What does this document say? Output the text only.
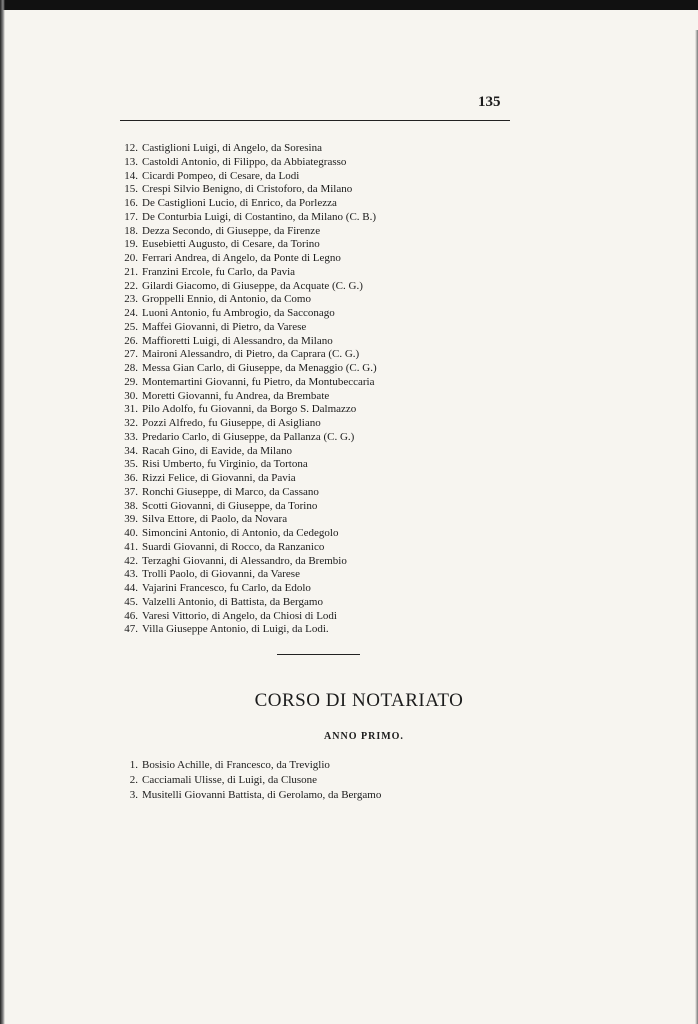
135
12. Castiglioni Luigi, di Angelo, da Soresina
13. Castoldi Antonio, di Filippo, da Abbiategrasso
14. Cicardi Pompeo, di Cesare, da Lodi
15. Crespi Silvio Benigno, di Cristoforo, da Milano
16. De Castiglioni Lucio, di Enrico, da Porlezza
17. De Conturbia Luigi, di Costantino, da Milano (C. B.)
18. Dezza Secondo, di Giuseppe, da Firenze
19. Eusebietti Augusto, di Cesare, da Torino
20. Ferrari Andrea, di Angelo, da Ponte di Legno
21. Franzini Ercole, fu Carlo, da Pavia
22. Gilardi Giacomo, di Giuseppe, da Acquate (C. G.)
23. Groppelli Ennio, di Antonio, da Como
24. Luoni Antonio, fu Ambrogio, da Sacconago
25. Maffei Giovanni, di Pietro, da Varese
26. Maffioretti Luigi, di Alessandro, da Milano
27. Maironi Alessandro, di Pietro, da Caprara (C. G.)
28. Messa Gian Carlo, di Giuseppe, da Menaggio (C. G.)
29. Montemartini Giovanni, fu Pietro, da Montubeccaria
30. Moretti Giovanni, fu Andrea, da Brembate
31. Pilo Adolfo, fu Giovanni, da Borgo S. Dalmazzo
32. Pozzi Alfredo, fu Giuseppe, di Asigliano
33. Predario Carlo, di Giuseppe, da Pallanza (C. G.)
34. Racah Gino, di Eavide, da Milano
35. Risi Umberto, fu Virginio, da Tortona
36. Rizzi Felice, di Giovanni, da Pavia
37. Ronchi Giuseppe, di Marco, da Cassano
38. Scotti Giovanni, di Giuseppe, da Torino
39. Silva Ettore, di Paolo, da Novara
40. Simoncini Antonio, di Antonio, da Cedegolo
41. Suardi Giovanni, di Rocco, da Ranzanico
42. Terzaghi Giovanni, di Alessandro, da Brembio
43. Trolli Paolo, di Giovanni, da Varese
44. Vajarini Francesco, fu Carlo, da Edolo
45. Valzelli Antonio, di Battista, da Bergamo
46. Varesi Vittorio, di Angelo, da Chiosi di Lodi
47. Villa Giuseppe Antonio, di Luigi, da Lodi.
CORSO DI NOTARIATO
ANNO PRIMO.
1. Bosisio Achille, di Francesco, da Treviglio
2. Cacciamali Ulisse, di Luigi, da Clusone
3. Musitelli Giovanni Battista, di Gerolamo, da Bergamo
